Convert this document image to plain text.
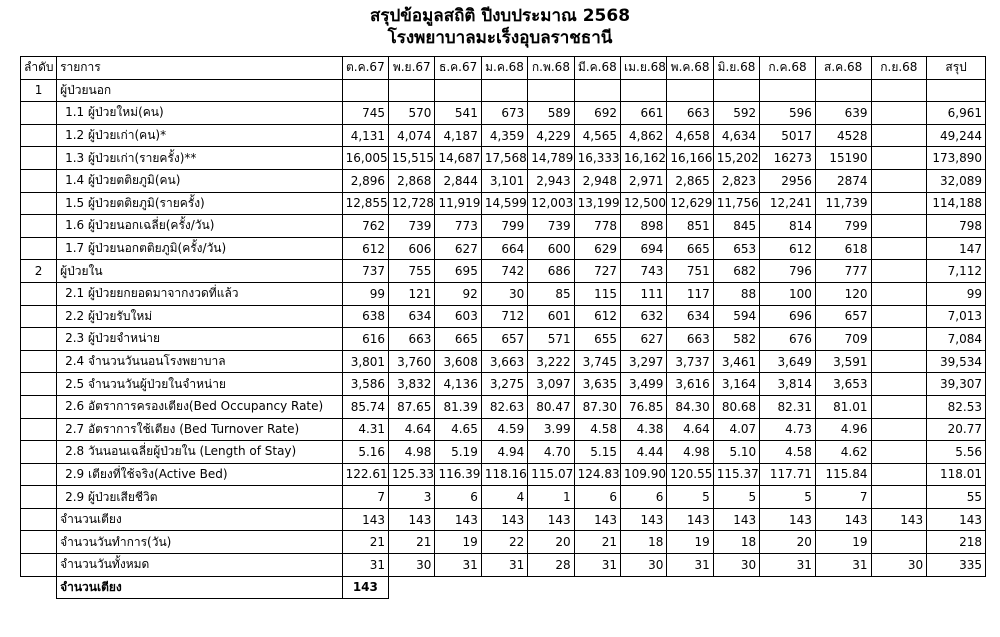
สรุปข้อมูลสถิติ ปีงบประมาณ 2568
โรงพยาบาลมะเร็งอุบลราชธานี
ลำดับ	รายการ	ต.ค.67	พ.ย.67	ธ.ค.67	ม.ค.68	ก.พ.68	มี.ค.68	เม.ย.68	พ.ค.68	มิ.ย.68	ก.ค.68	ส.ค.68	ก.ย.68	สรุป
1	ผู้ป่วยนอก													
	1.1 ผู้ป่วยใหม่(คน)	745	570	541	673	589	692	661	663	592	596	639		6,961
	1.2 ผู้ป่วยเก่า(คน)*	4,131	4,074	4,187	4,359	4,229	4,565	4,862	4,658	4,634	5017	4528		49,244
	1.3 ผู้ป่วยเก่า(รายครั้ง)**	16,005	15,515	14,687	17,568	14,789	16,333	16,162	16,166	15,202	16273	15190		173,890
	1.4 ผู้ป่วยตติยภูมิ(คน)	2,896	2,868	2,844	3,101	2,943	2,948	2,971	2,865	2,823	2956	2874		32,089
	1.5 ผู้ป่วยตติยภูมิ(รายครั้ง)	12,855	12,728	11,919	14,599	12,003	13,199	12,500	12,629	11,756	12,241	11,739		114,188
	1.6 ผู้ป่วยนอกเฉลี่ย(ครั้ง/วัน)	762	739	773	799	739	778	898	851	845	814	799		798
	1.7 ผู้ป่วยนอกตติยภูมิ(ครั้ง/วัน)	612	606	627	664	600	629	694	665	653	612	618		147
2	ผู้ป่วยใน	737	755	695	742	686	727	743	751	682	796	777		7,112
	2.1 ผู้ป่วยยกยอดมาจากงวดที่แล้ว	99	121	92	30	85	115	111	117	88	100	120		99
	2.2 ผู้ป่วยรับใหม่	638	634	603	712	601	612	632	634	594	696	657		7,013
	2.3 ผู้ป่วยจำหน่าย	616	663	665	657	571	655	627	663	582	676	709		7,084
	2.4 จำนวนวันนอนโรงพยาบาล	3,801	3,760	3,608	3,663	3,222	3,745	3,297	3,737	3,461	3,649	3,591		39,534
	2.5 จำนวนวันผู้ป่วยในจำหน่าย	3,586	3,832	4,136	3,275	3,097	3,635	3,499	3,616	3,164	3,814	3,653		39,307
	2.6 อัตราการครองเตียง(Bed Occupancy Rate)	85.74	87.65	81.39	82.63	80.47	87.30	76.85	84.30	80.68	82.31	81.01		82.53
	2.7 อัตราการใช้เตียง (Bed Turnover Rate)	4.31	4.64	4.65	4.59	3.99	4.58	4.38	4.64	4.07	4.73	4.96		20.77
	2.8 วันนอนเฉลี่ยผู้ป่วยใน (Length of Stay)	5.16	4.98	5.19	4.94	4.70	5.15	4.44	4.98	5.10	4.58	4.62		5.56
	2.9 เตียงที่ใช้จริง(Active Bed)	122.61	125.33	116.39	118.16	115.07	124.83	109.90	120.55	115.37	117.71	115.84		118.01
	2.9 ผู้ป่วยเสียชีวิต	7	3	6	4	1	6	6	5	5	5	7		55
	จำนวนเตียง	143	143	143	143	143	143	143	143	143	143	143	143	143
	จำนวนวันทำการ(วัน)	21	21	19	22	20	21	18	19	18	20	19		218
	จำนวนวันทั้งหมด	31	30	31	31	28	31	30	31	30	31	31	30	335
	จำนวนเตียง	143												
